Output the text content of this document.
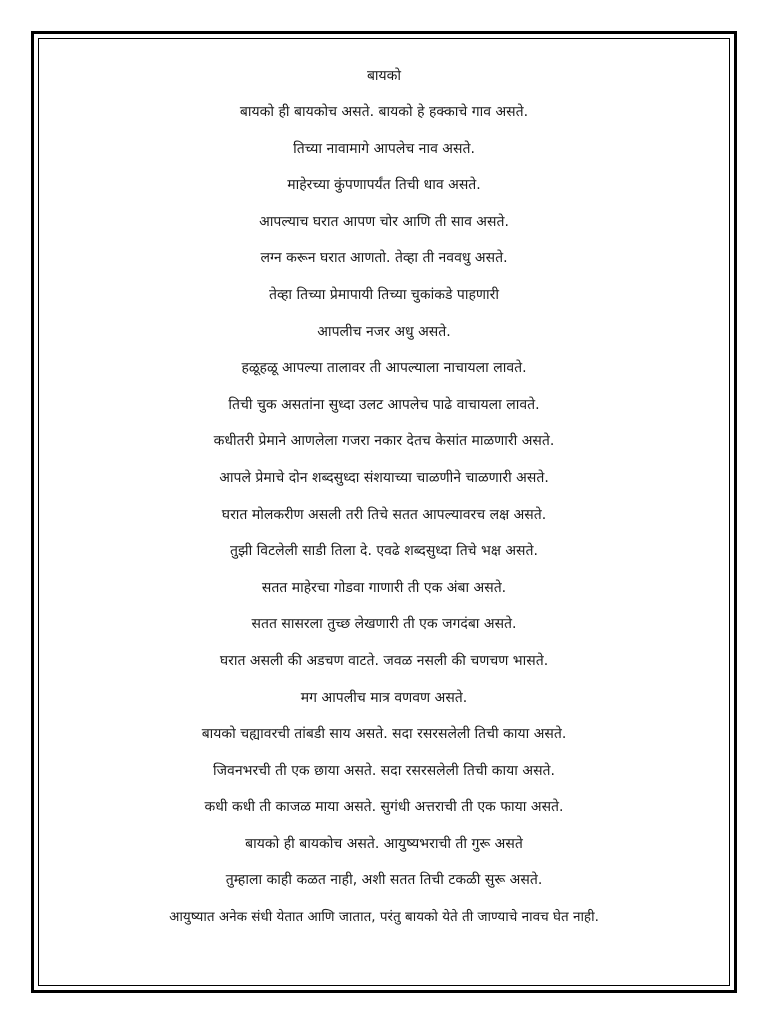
बायको
बायको ही बायकोच असते. बायको हे हक्काचे गाव असते.
तिच्या नावामागे आपलेच नाव असते.
माहेरच्या कुंपणापर्यंत तिची धाव असते.
आपल्याच घरात आपण चोर आणि ती साव असते.
लग्न करून घरात आणतो. तेव्हा ती नववधु असते.
तेव्हा तिच्या प्रेमापायी तिच्या चुकांकडे पाहणारी
आपलीच नजर अधु असते.
हळूहळू आपल्या तालावर ती आपल्याला नाचायला लावते.
तिची चुक असतांना सुध्दा उलट आपलेच पाढे वाचायला लावते.
कधीतरी प्रेमाने आणलेला गजरा नकार देतच केसांत माळणारी असते.
आपले प्रेमाचे दोन शब्दसुध्दा संशयाच्या चाळणीने चाळणारी असते.
घरात मोलकरीण असली तरी तिचे सतत आपल्यावरच लक्ष असते.
तुझी विटलेली साडी तिला दे. एवढे शब्दसुध्दा तिचे भक्ष असते.
सतत माहेरचा गोडवा गाणारी ती एक अंबा असते.
सतत सासरला तुच्छ लेखणारी ती एक जगदंबा असते.
घरात असली की अडचण वाटते. जवळ नसली की चणचण भासते.
मग आपलीच मात्र वणवण असते.
बायको चह्यावरची तांबडी साय असते. सदा रसरसलेली तिची काया असते.
जिवनभरची ती एक छाया असते. सदा रसरसलेली तिची काया असते.
कधी कधी ती काजळ माया असते. सुगंधी अत्तराची ती एक फाया असते.
बायको ही बायकोच असते. आयुष्यभराची ती गुरू असते
तुम्हाला काही कळत नाही, अशी सतत तिची टकळी सुरू असते.
आयुष्यात अनेक संधी येतात आणि जातात, परंतु बायको येते ती जाण्याचे नावच घेत नाही.
